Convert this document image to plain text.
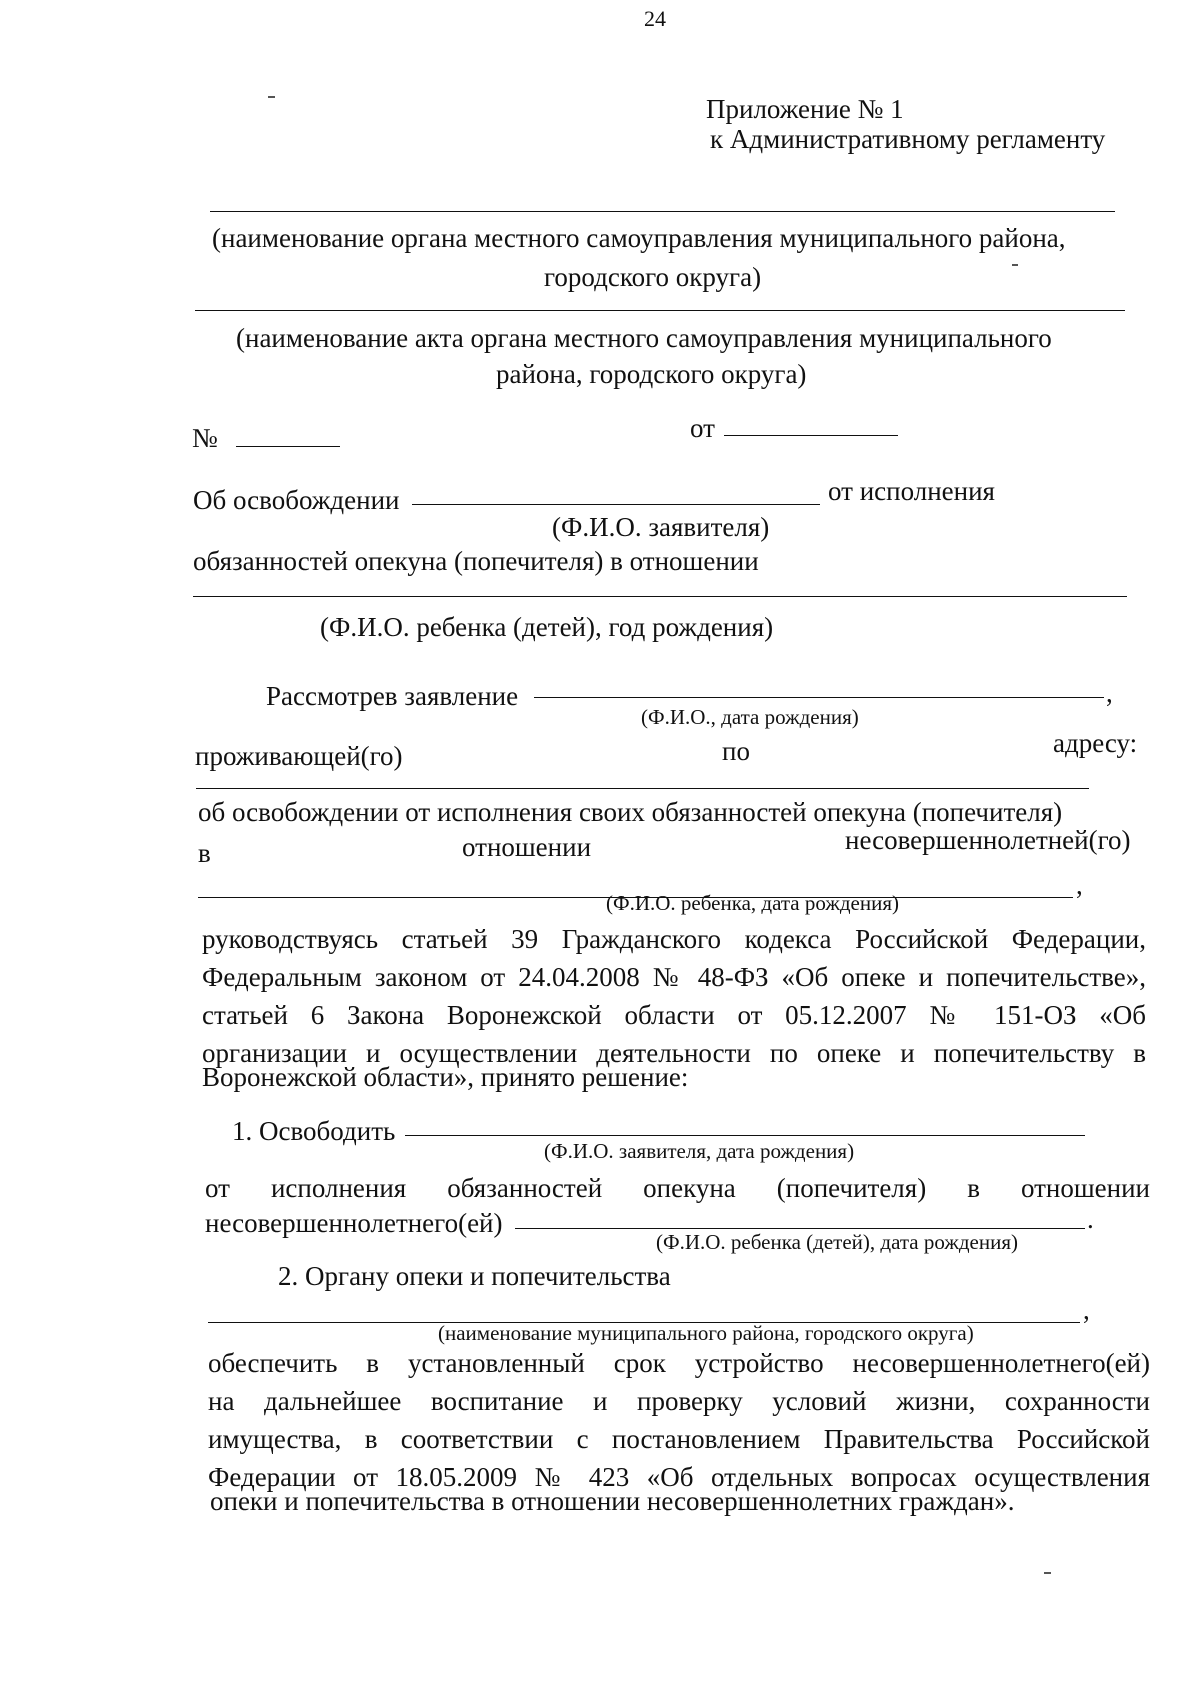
24
Приложение № 1
к Административному регламенту
(наименование органа местного самоуправления муниципального района,
городского округа)
(наименование акта органа местного самоуправления муниципального
района, городского округа)
№	от
Об освобождении	от исполнения
(Ф.И.О. заявителя)
обязанностей опекуна (попечителя) в отношении
(Ф.И.О. ребенка (детей), год рождения)
Рассмотрев заявление	,
(Ф.И.О., дата рождения)
проживающей(го)	по	адресу:
об освобождении от исполнения своих обязанностей опекуна (попечителя)
в	отношении	несовершеннолетней(го)
,
(Ф.И.О. ребенка, дата рождения)
руководствуясь статьей 39 Гражданского кодекса Российской Федерации,
Федеральным законом от 24.04.2008 № 48-ФЗ «Об опеке и попечительстве»,
статьей 6 Закона Воронежской области от 05.12.2007 № 151-ОЗ «Об
организации и осуществлении деятельности по опеке и попечительству в
Воронежской области», принято решение:
1. Освободить
(Ф.И.О. заявителя, дата рождения)
от исполнения обязанностей опекуна (попечителя) в отношении
несовершеннолетнего(ей)	.
(Ф.И.О. ребенка (детей), дата рождения)
2. Органу опеки и попечительства
,
(наименование муниципального района, городского округа)
обеспечить в установленный срок устройство несовершеннолетнего(ей)
на дальнейшее воспитание и проверку условий жизни, сохранности
имущества, в соответствии с постановлением Правительства Российской
Федерации от 18.05.2009 № 423 «Об отдельных вопросах осуществления
опеки и попечительства в отношении несовершеннолетних граждан».
